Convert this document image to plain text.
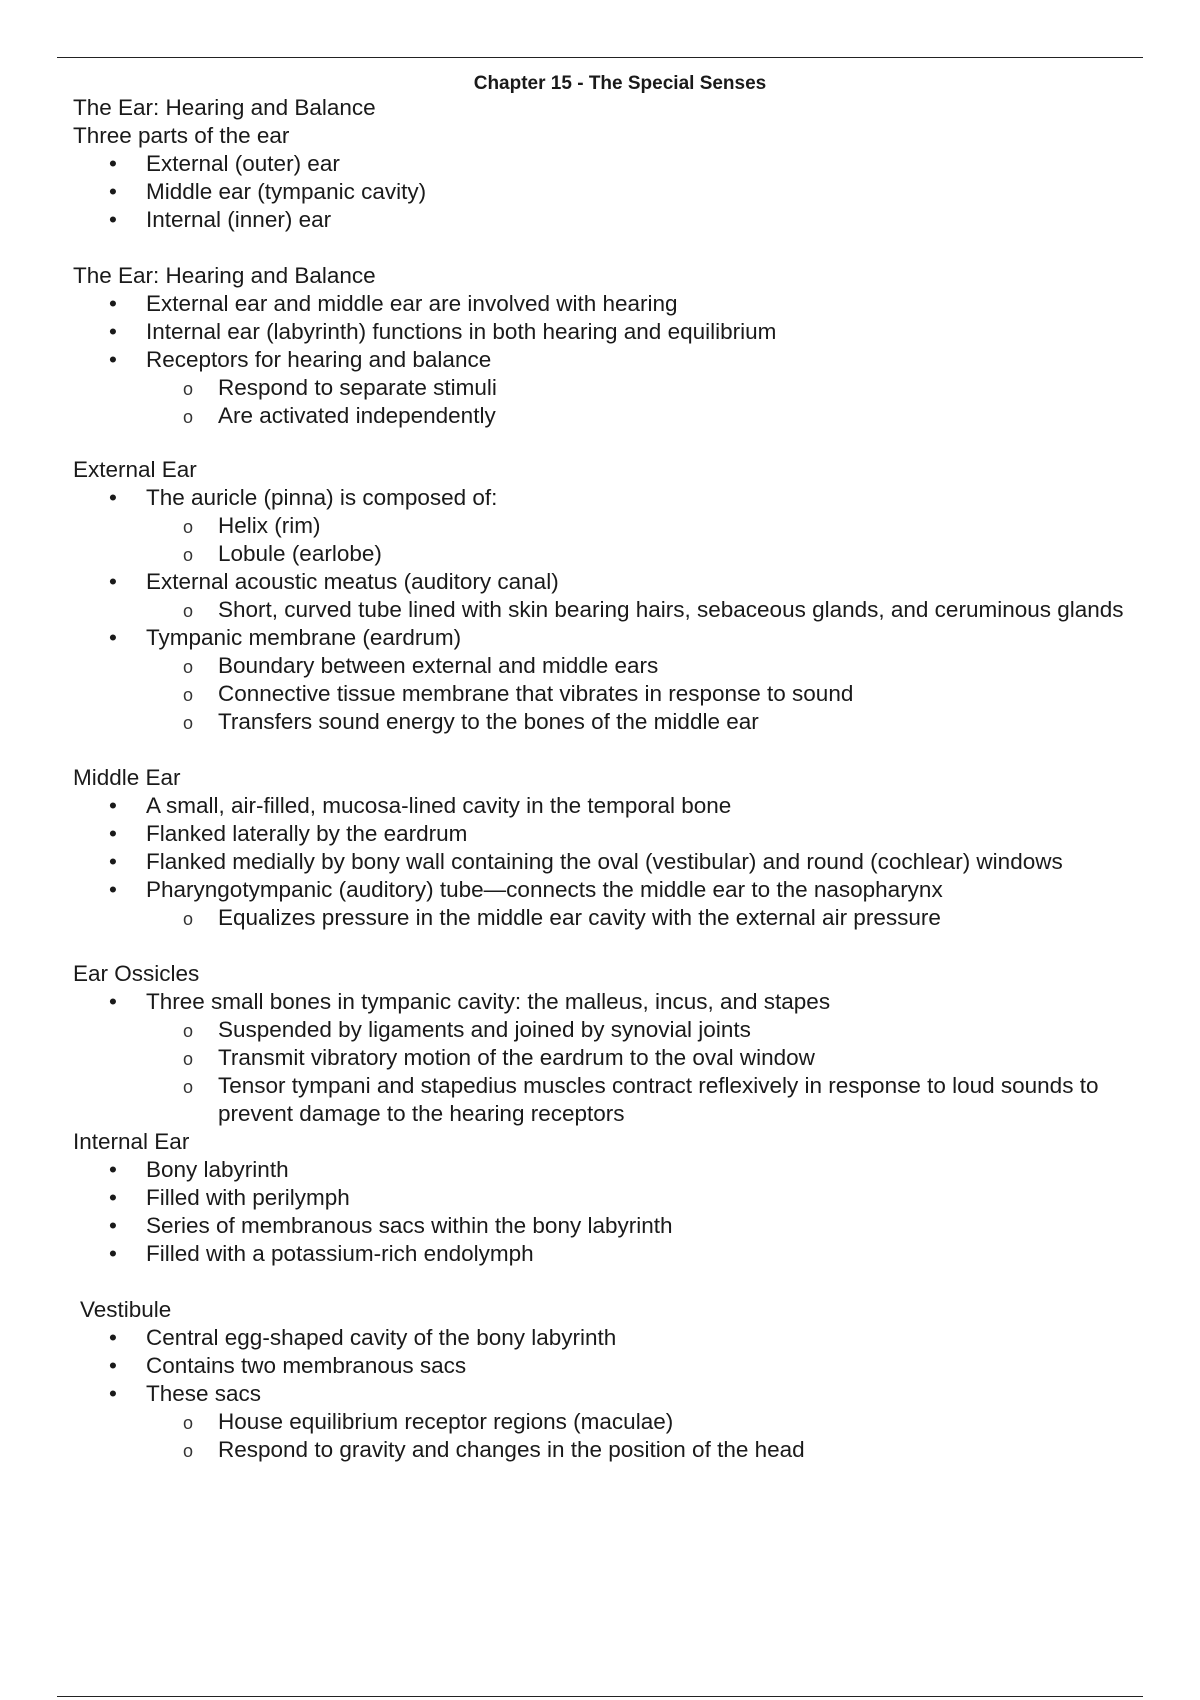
Chapter 15 - The Special Senses

The Ear: Hearing and Balance

Three parts of the ear

• External (outer) ear
• Middle ear (tympanic cavity)
• Internal (inner) ear

The Ear: Hearing and Balance

• External ear and middle ear are involved with hearing
• Internal ear (labyrinth) functions in both hearing and equilibrium
• Receptors for hearing and balance
o Respond to separate stimuli
o Are activated independently

External Ear

• The auricle (pinna) is composed of:
o Helix (rim)
o Lobule (earlobe)
• External acoustic meatus (auditory canal)
o Short, curved tube lined with skin bearing hairs, sebaceous glands, and ceruminous glands
• Tympanic membrane (eardrum)
o Boundary between external and middle ears
o Connective tissue membrane that vibrates in response to sound
o Transfers sound energy to the bones of the middle ear

Middle Ear

• A small, air-filled, mucosa-lined cavity in the temporal bone
• Flanked laterally by the eardrum
• Flanked medially by bony wall containing the oval (vestibular) and round (cochlear) windows
• Pharyngotympanic (auditory) tube—connects the middle ear to the nasopharynx
o Equalizes pressure in the middle ear cavity with the external air pressure

Ear Ossicles

• Three small bones in tympanic cavity: the malleus, incus, and stapes
o Suspended by ligaments and joined by synovial joints
o Transmit vibratory motion of the eardrum to the oval window
o Tensor tympani and stapedius muscles contract reflexively in response to loud sounds to prevent damage to the hearing receptors

Internal Ear

• Bony labyrinth
• Filled with perilymph
• Series of membranous sacs within the bony labyrinth
• Filled with a potassium-rich endolymph

Vestibule

• Central egg-shaped cavity of the bony labyrinth
• Contains two membranous sacs
• These sacs
o House equilibrium receptor regions (maculae)
o Respond to gravity and changes in the position of the head
